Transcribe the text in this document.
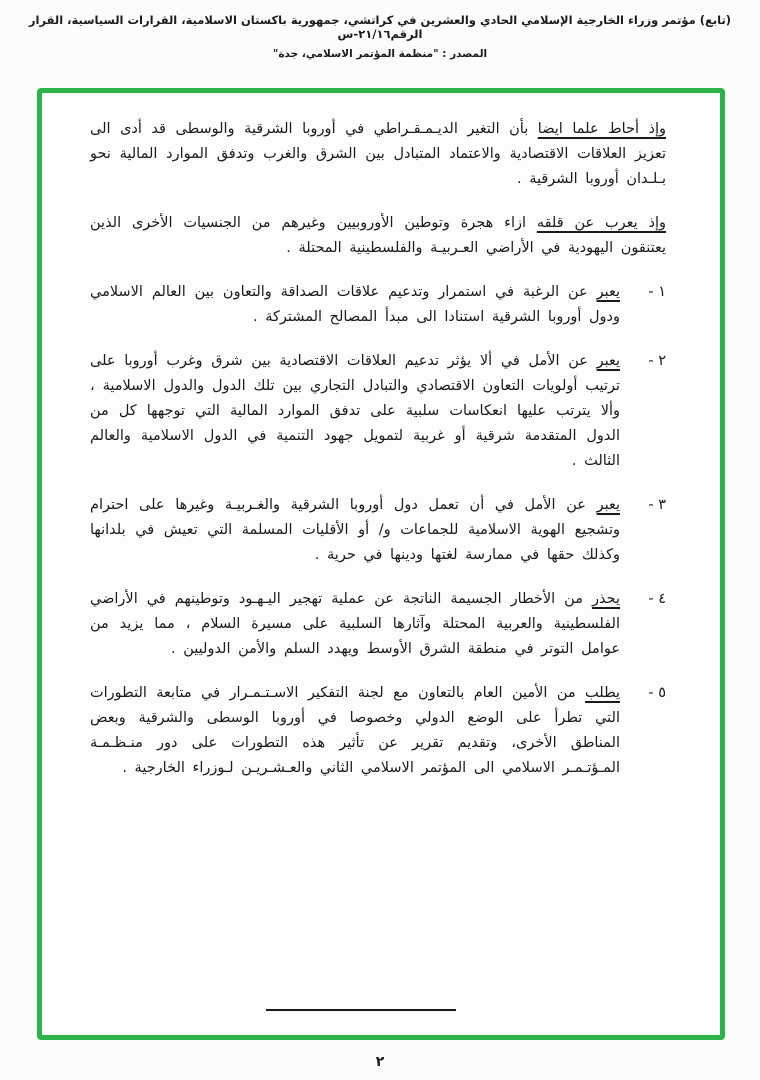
(تابع) مؤتمر وزراء الخارجية الإسلامي الحادي والعشرين في كراتشي، جمهورية باكستان الاسلامية، القرارات السياسية، القرار الرقم٢١/١٦-س
المصدر : "منظمة المؤتمر الاسلامي، جدة"
وإذ أحاط علما ايضا بأن التغير الديـمـقـراطي في أوروبا الشرقية والوسطى قد أدى الى تعزيز العلاقات الاقتصادية والاعتماد المتبادل بين الشرق والغرب وتدفق الموارد المالية نحو بـلـدان أوروبا الشرقية .
وإذ يعرب عن قلقه ازاء هجرة وتوطين الأوروبيين وغيرهم من الجنسيات الأخرى الذين يعتنقون اليهودية في الأراضي العـربيـة والفلسطينية المحتلة .
١ -
يعبر عن الرغبة في استمرار وتدعيم علاقات الصداقة والتعاون بين العالم الاسلامي ودول أوروبا الشرقية استنادا الى مبدأ المصالح المشتركة .
٢ -
يعبر عن الأمل في ألا يؤثر تدعيم العلاقات الاقتصادية بين شرق وغرب أوروبا على ترتيب أولويات التعاون الاقتصادي والتبادل التجاري بين تلك الدول والدول الاسلامية ، وألا يترتب عليها انعكاسات سلبية على تدفق الموارد المالية التي توجهها كل من الدول المتقدمة شرقية أو غربية لتمويل جهود التنمية في الدول الاسلامية والعالم الثالث .
٣ -
يعبر عن الأمل في أن تعمل دول أوروبا الشرقية والغـربيـة وغيرها على احترام وتشجيع الهوية الاسلامية للجماعات و/ أو الأقليات المسلمة التي تعيش في بلدانها وكذلك حقها في ممارسة لغتها ودينها في حرية .
٤ -
يحذر من الأخطار الجسيمة الناتجة عن عملية تهجير اليـهـود وتوطينهم في الأراضي الفلسطينية والعربية المحتلة وآثارها السلبية على مسيرة السلام ، مما يزيد من عوامل التوتر في منطقة الشرق الأوسط ويهدد السلم والأمن الدوليين .
٥ -
يطلب من الأمين العام بالتعاون مع لجنة التفكير الاسـتـمـرار في متابعة التطورات التي تطرأ على الوضع الدولي وخصوصا في أوروبا الوسطى والشرقية وبعض المناطق الأخرى، وتقديم تقرير عن تأثير هذه التطورات على دور منـظـمـة المـؤتـمـر الاسلامي الى المؤتمر الاسلامي الثاني والعـشـريـن لـوزراء الخارجية .
٢
